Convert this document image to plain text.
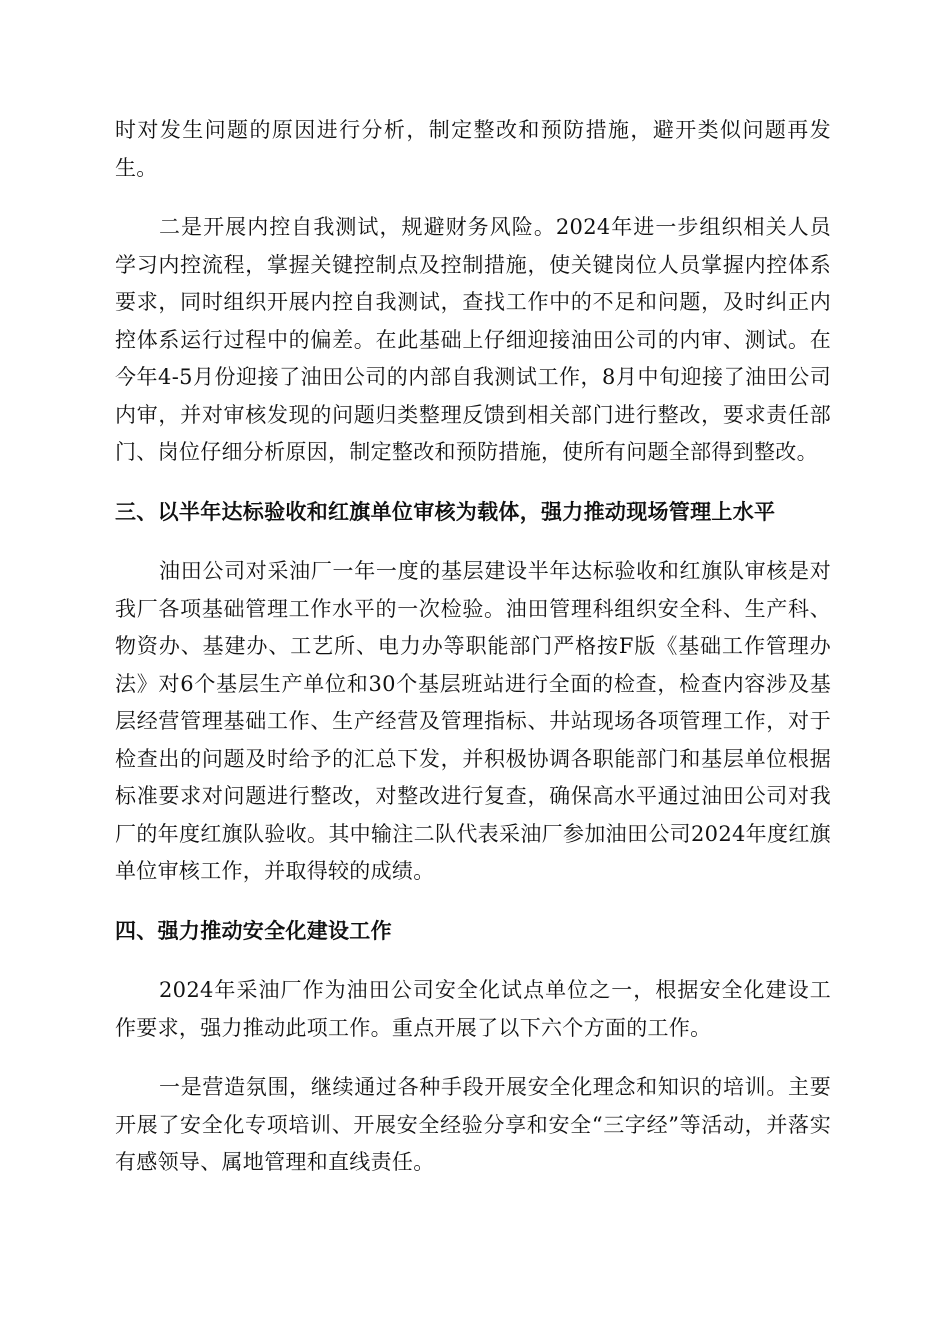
时对发生问题的原因进行分析，制定整改和预防措施，避开类似问题再发生。

二是开展内控自我测试，规避财务风险。2024年进一步组织相关人员学习内控流程，掌握关键控制点及控制措施，使关键岗位人员掌握内控体系要求，同时组织开展内控自我测试，查找工作中的不足和问题，及时纠正内控体系运行过程中的偏差。在此基础上仔细迎接油田公司的内审、测试。在今年4-5月份迎接了油田公司的内部自我测试工作，8月中旬迎接了油田公司内审，并对审核发现的问题归类整理反馈到相关部门进行整改，要求责任部门、岗位仔细分析原因，制定整改和预防措施，使所有问题全部得到整改。

三、以半年达标验收和红旗单位审核为载体，强力推动现场管理上水平

油田公司对采油厂一年一度的基层建设半年达标验收和红旗队审核是对我厂各项基础管理工作水平的一次检验。油田管理科组织安全科、生产科、物资办、基建办、工艺所、电力办等职能部门严格按F版《基础工作管理办法》对6个基层生产单位和30个基层班站进行全面的检查，检查内容涉及基层经营管理基础工作、生产经营及管理指标、井站现场各项管理工作，对于检查出的问题及时给予的汇总下发，并积极协调各职能部门和基层单位根据标准要求对问题进行整改，对整改进行复查，确保高水平通过油田公司对我厂的年度红旗队验收。其中输注二队代表采油厂参加油田公司2024年度红旗单位审核工作，并取得较的成绩。

四、强力推动安全化建设工作

2024年采油厂作为油田公司安全化试点单位之一，根据安全化建设工作要求，强力推动此项工作。重点开展了以下六个方面的工作。

一是营造氛围，继续通过各种手段开展安全化理念和知识的培训。主要开展了安全化专项培训、开展安全经验分享和安全“三字经”等活动，并落实有感领导、属地管理和直线责任。
